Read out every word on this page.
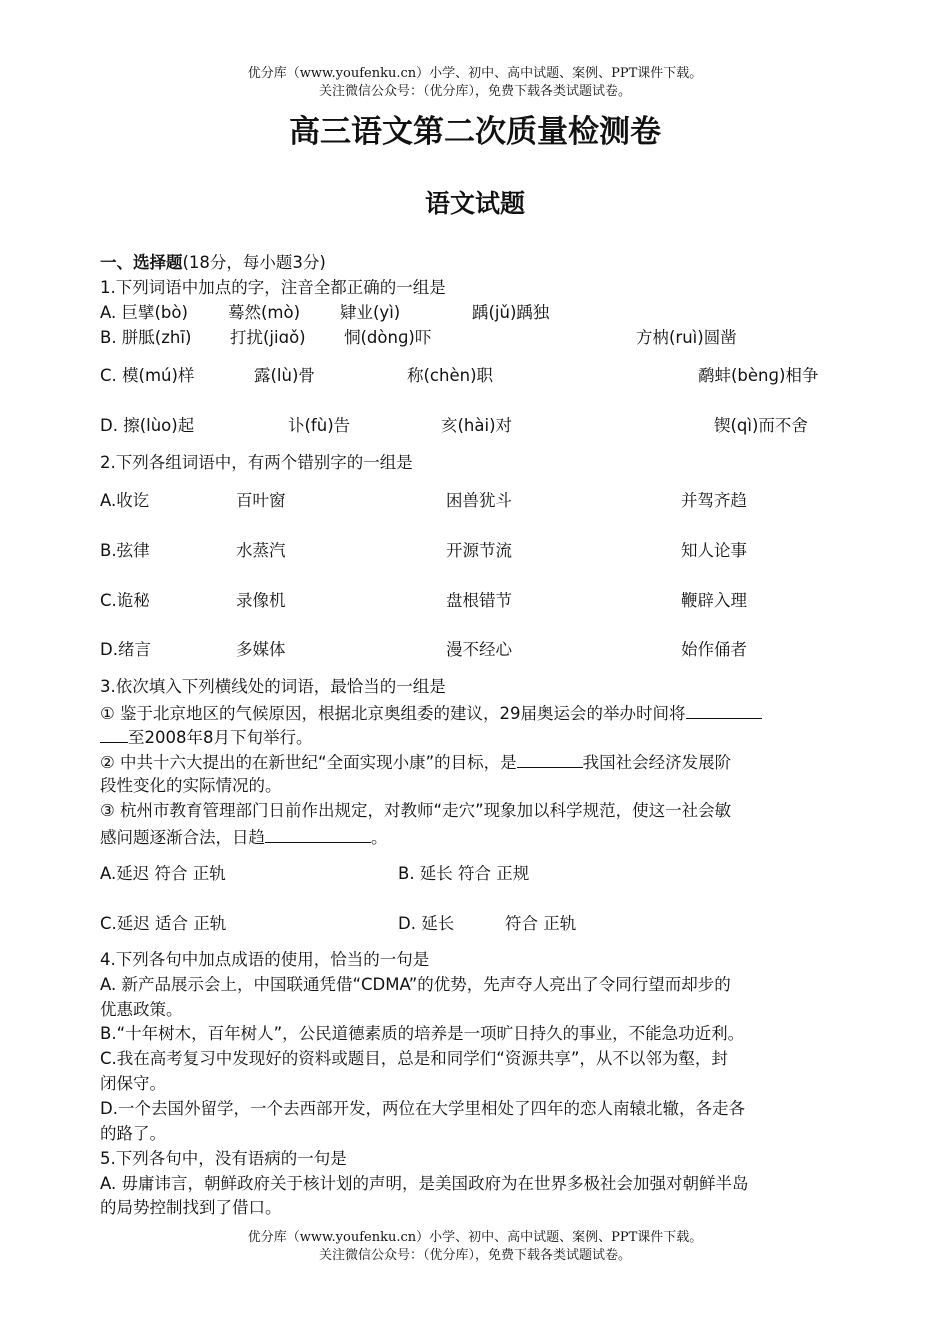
优分库（www.youfenku.cn）小学、初中、高中试题、案例、PPT课件下载。
关注微信公众号：（优分库），免费下载各类试题试卷。
高三语文第二次质量检测卷
语文试题
一、选择题(18分，每小题3分)
1.下列词语中加点的字，注音全都正确的一组是
A. 巨擘(bò) 蓦然(mò) 肄业(yì)	踽(jǔ)踽独
B. 胼胝(zhī) 打扰(jiɑǒ) 恫(dònɡ)吓	方枘(ruì)圆凿
C. 模(mú)样	露(lù)骨	称(chèn)职	鹬蚌(bènɡ)相争
D. 擦(lùo)起	讣(fù)告	亥(hài)对	锲(qì)而不舍
2.下列各组词语中，有两个错别字的一组是
A.收讫	百叶窗	困兽犹斗	并驾齐趋
B.弦律	水蒸汽	开源节流	知人论事
C.诡秘	录像机	盘根错节	鞭辟入理
D.绪言	多媒体	漫不经心	始作俑者
3.依次填入下列横线处的词语，最恰当的一组是
① 鉴于北京地区的气候原因，根据北京奥组委的建议，29届奥运会的举办时间将
至2008年8月下旬举行。
② 中共十六大提出的在新世纪“全面实现小康”的目标，是	我国社会经济发展阶
段性变化的实际情况的。
③ 杭州市教育管理部门日前作出规定，对教师“走穴”现象加以科学规范，使这一社会敏
感问题逐渐合法，日趋	。
A.延迟 符合 正轨	B. 延长 符合 正规
C.延迟 适合 正轨	D. 延长	符合 正轨
4.下列各句中加点成语的使用，恰当的一句是
A. 新产品展示会上，中国联通凭借“CDMA”的优势，先声夺人亮出了令同行望而却步的
优惠政策。
B.“十年树木，百年树人”，公民道德素质的培养是一项旷日持久的事业，不能急功近利。
C.我在高考复习中发现好的资料或题目，总是和同学们“资源共享”，从不以邻为壑，封
闭保守。
D.一个去国外留学，一个去西部开发，两位在大学里相处了四年的恋人南辕北辙，各走各
的路了。
5.下列各句中，没有语病的一句是
A. 毋庸讳言，朝鲜政府关于核计划的声明，是美国政府为在世界多极社会加强对朝鲜半岛
的局势控制找到了借口。
优分库（www.youfenku.cn）小学、初中、高中试题、案例、PPT课件下载。
关注微信公众号：（优分库），免费下载各类试题试卷。
